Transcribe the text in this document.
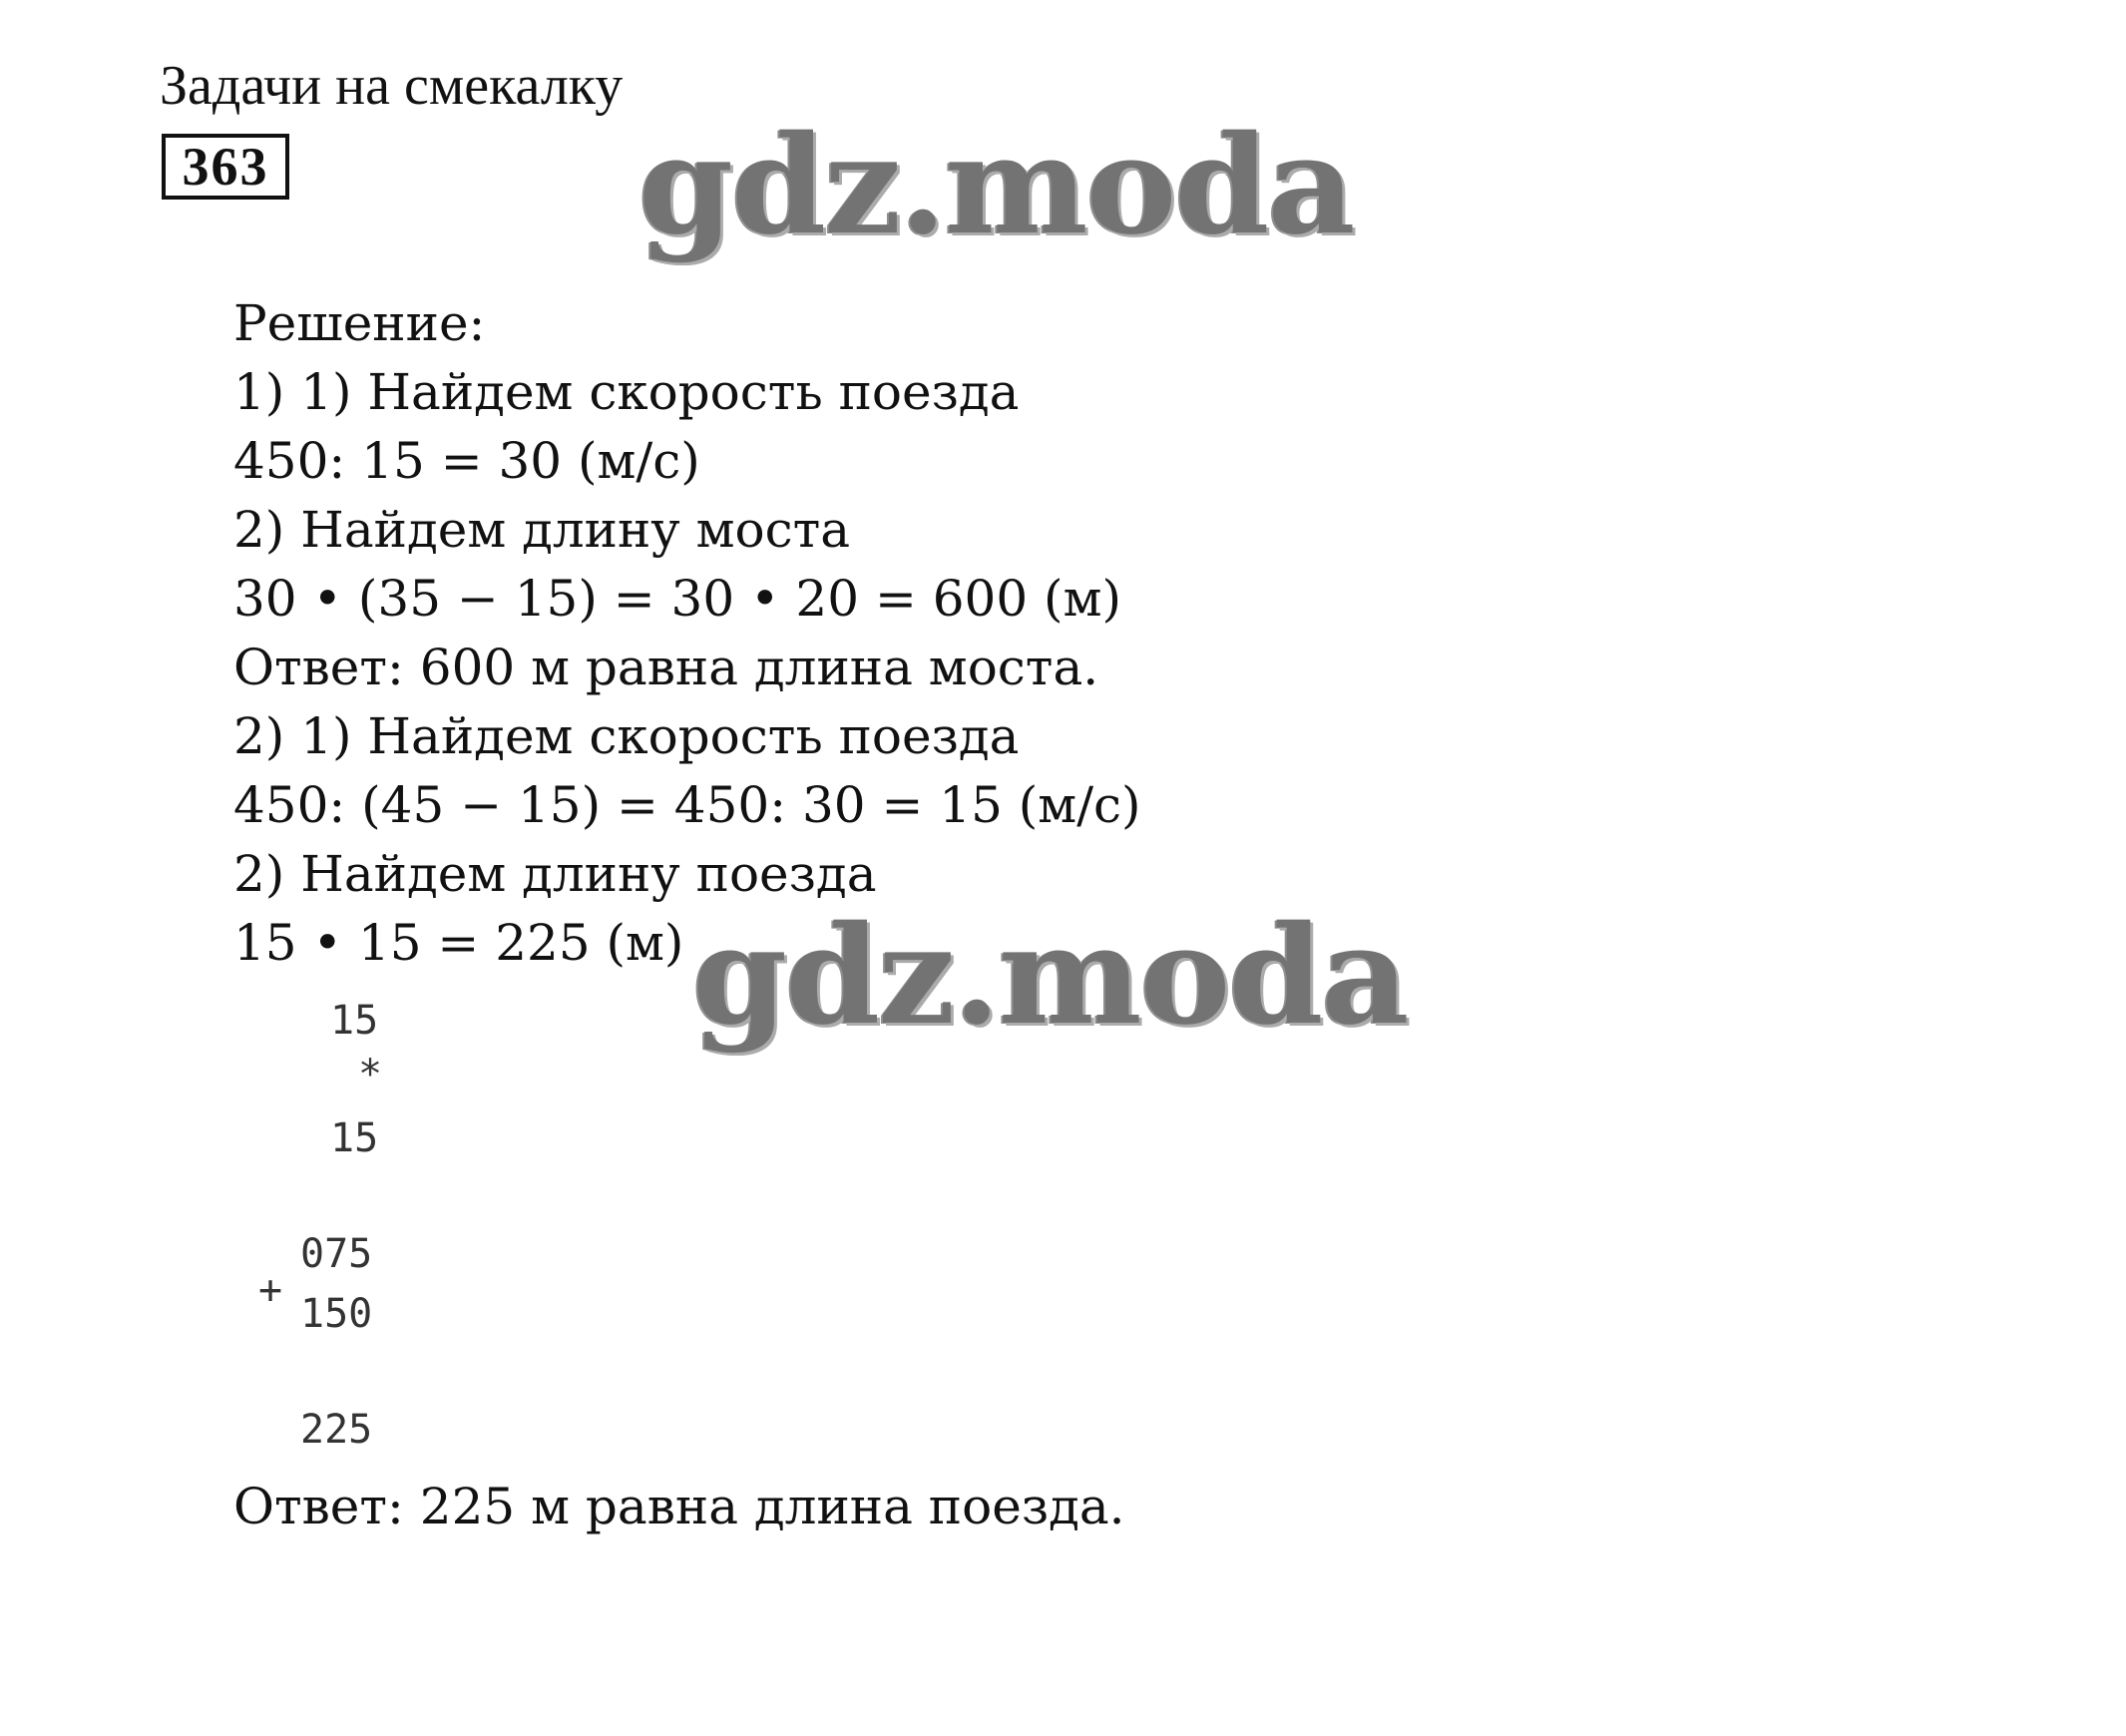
Задачи на смекалку
363	gdz.moda
gdz.moda
Решение:
1) 1) Найдем скорость поезда
450: 15 = 30 (м/с)
2) Найдем длину моста
30 • (35 − 15) = 30 • 20 = 600 (м)
Ответ: 600 м равна длина моста.
2) 1) Найдем скорость поезда
450: (45 − 15) = 450: 30 = 15 (м/с)
2) Найдем длину поезда
15 • 15 = 225 (м)
15
*
15
075
+
150
225
Ответ: 225 м равна длина поезда.
